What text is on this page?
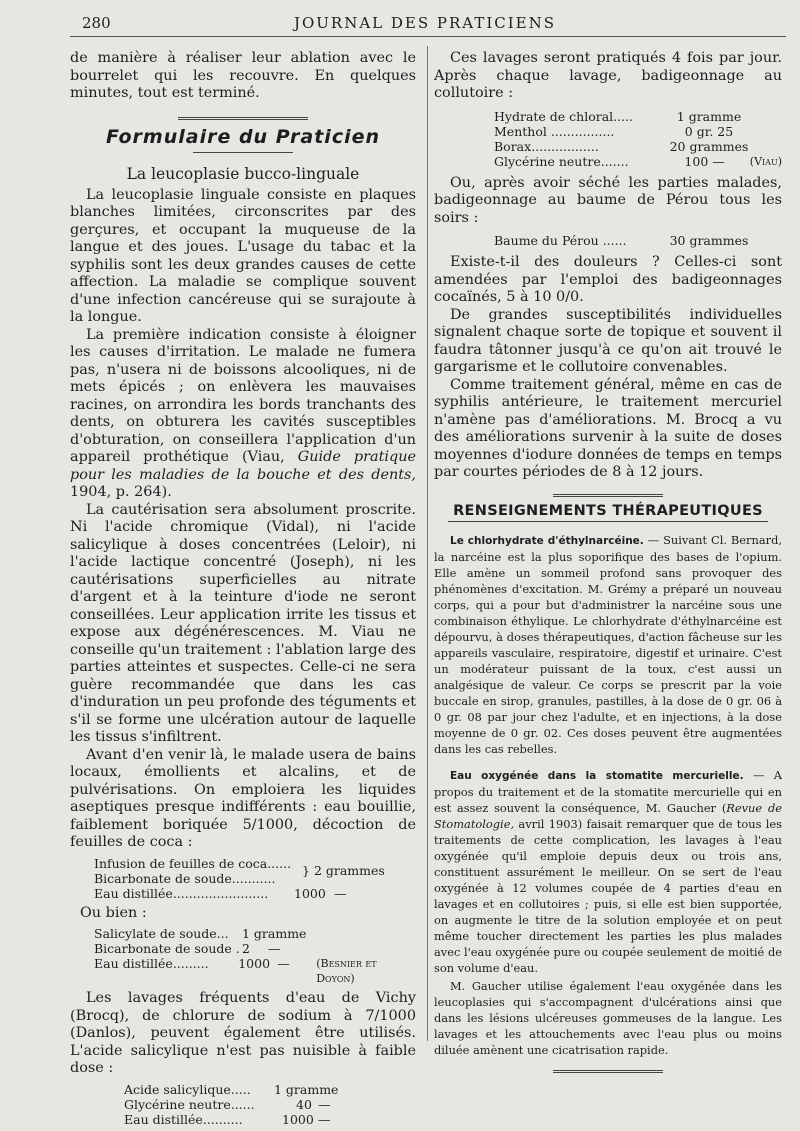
280	JOURNAL DES PRATICIENS

de manière à réaliser leur ablation avec le bourrelet qui les recouvre. En quelques minutes, tout est terminé.

Formulaire du Praticien
La leucoplasie bucco-linguale

La leucoplasie linguale consiste en plaques blanches limitées, circonscrites par des gerçures, et occupant la muqueuse de la langue et des joues. L'usage du tabac et la syphilis sont les deux grandes causes de cette affection. La maladie se complique souvent d'une infection cancéreuse qui se surajoute à la longue.

La première indication consiste à éloigner les causes d'irritation. Le malade ne fumera pas, n'usera ni de boissons alcooliques, ni de mets épicés ; on enlèvera les mauvaises racines, on arrondira les bords tranchants des dents, on obturera les cavités susceptibles d'obturation, on conseillera l'application d'un appareil prothétique (Viau, Guide pratique pour les maladies de la bouche et des dents, 1904, p. 264).

La cautérisation sera absolument proscrite. Ni l'acide chromique (Vidal), ni l'acide salicylique à doses concentrées (Leloir), ni l'acide lactique concentré (Joseph), ni les cautérisations superficielles au nitrate d'argent et à la teinture d'iode ne seront conseillées. Leur application irrite les tissus et expose aux dégénérescences. M. Viau ne conseille qu'un traitement : l'ablation large des parties atteintes et suspectes. Celle-ci ne sera guère recommandée que dans les cas d'induration un peu profonde des téguments et s'il se forme une ulcération autour de laquelle les tissus s'infiltrent.

Avant d'en venir là, le malade usera de bains locaux, émollients et alcalins, et de pulvérisations. On emploiera les liquides aseptiques presque indifférents : eau bouillie, faiblement boriquée 5/1000, décoction de feuilles de coca :

Infusion de feuilles de coca......
Bicarbonate de soude...........	} 2 grammes
Eau distillée........................	1000 —

Ou bien :

Salicylate de soude...	1 gramme
Bicarbonate de soude . 2	—
Eau distillée.........	1000 —	(Besnier et Doyon)

Les lavages fréquents d'eau de Vichy (Brocq), de chlorure de sodium à 7/1000 (Danlos), peuvent également être utilisés. L'acide salicylique n'est pas nuisible à faible dose :

Acide salicylique.....	1 gramme
Glycérine neutre......	40 —
Eau distillée..........	1000 —

Ces lavages seront pratiqués 4 fois par jour. Après chaque lavage, badigeonnage au collutoire :

Hydrate de chloral.....	1 gramme
Menthol ................	0 gr. 25
Borax.................	20 grammes
Glycérine neutre.......	100 —	(Viau)

Ou, après avoir séché les parties malades, badigeonnage au baume de Pérou tous les soirs :

Baume du Pérou ......	30 grammes

Existe-t-il des douleurs ? Celles-ci sont amendées par l'emploi des badigeonnages cocaïnés, 5 à 10 0/0.

De grandes susceptibilités individuelles signalent chaque sorte de topique et souvent il faudra tâtonner jusqu'à ce qu'on ait trouvé le gargarisme et le collutoire convenables.

Comme traitement général, même en cas de syphilis antérieure, le traitement mercuriel n'amène pas d'améliorations. M. Brocq a vu des améliorations survenir à la suite de doses moyennes d'iodure données de temps en temps par courtes périodes de 8 à 12 jours.

RENSEIGNEMENTS THÉRAPEUTIQUES

Le chlorhydrate d'éthylnarcéine. — Suivant Cl. Bernard, la narcéine est la plus soporifique des bases de l'opium. Elle amène un sommeil profond sans provoquer des phénomènes d'excitation. M. Grémy a préparé un nouveau corps, qui a pour but d'administrer la narcéine sous une combinaison éthylique. Le chlorhydrate d'éthylnarcéine est dépourvu, à doses thérapeutiques, d'action fâcheuse sur les appareils vasculaire, respiratoire, digestif et urinaire. C'est un modérateur puissant de la toux, c'est aussi un analgésique de valeur. Ce corps se prescrit par la voie buccale en sirop, granules, pastilles, à la dose de 0 gr. 06 à 0 gr. 08 par jour chez l'adulte, et en injections, à la dose moyenne de 0 gr. 02. Ces doses peuvent être augmentées dans les cas rebelles.

Eau oxygénée dans la stomatite mercurielle. — A propos du traitement et de la stomatite mercurielle qui en est assez souvent la conséquence, M. Gaucher (Revue de Stomatologie, avril 1903) faisait remarquer que de tous les traitements de cette complication, les lavages à l'eau oxygénée qu'il emploie depuis deux ou trois ans, constituent assurément le meilleur. On se sert de l'eau oxygénée à 12 volumes coupée de 4 parties d'eau en lavages et en collutoires ; puis, si elle est bien supportée, on augmente le titre de la solution employée et on peut même toucher directement les parties les plus malades avec l'eau oxygénée pure ou coupée seulement de moitié de son volume d'eau.

M. Gaucher utilise également l'eau oxygénée dans les leucoplasies qui s'accompagnent d'ulcérations ainsi que dans les lésions ulcéreuses gommeuses de la langue. Les lavages et les attouchements avec l'eau plus ou moins diluée amènent une cicatrisation rapide.
